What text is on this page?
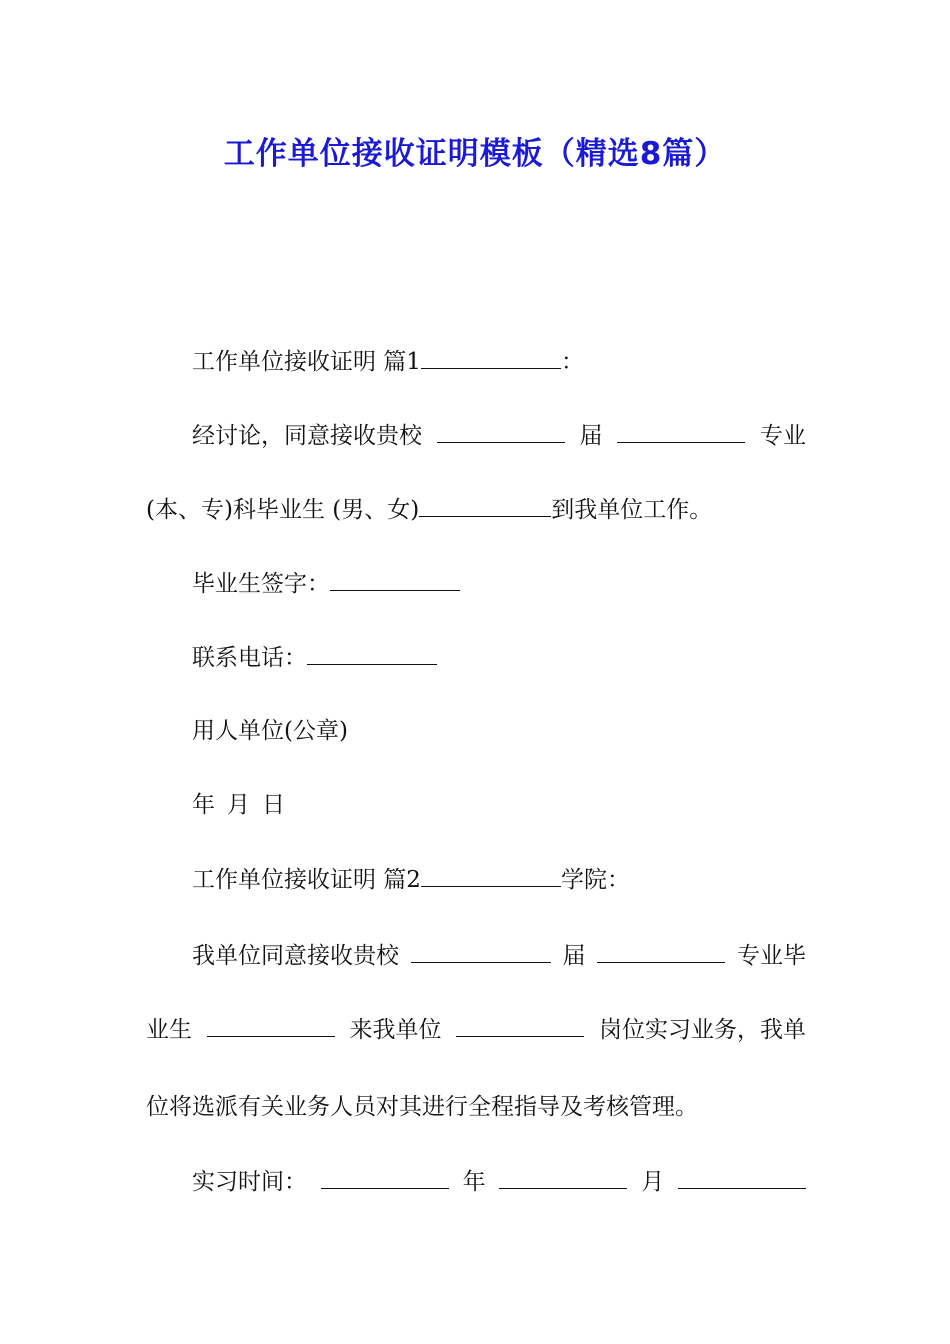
工作单位接收证明模板（精选8篇）
工作单位接收证明 篇1	：
经讨论，同意接收贵校	届	专业
(本、专)科毕业生 (男、女)	到我单位工作。
毕业生签字：
联系电话：
用人单位(公章)
年 月 日
工作单位接收证明 篇2	学院：
我单位同意接收贵校	届	专业毕
业生	来我单位	岗位实习业务，我单
位将选派有关业务人员对其进行全程指导及考核管理。
实习时间：	年	月
